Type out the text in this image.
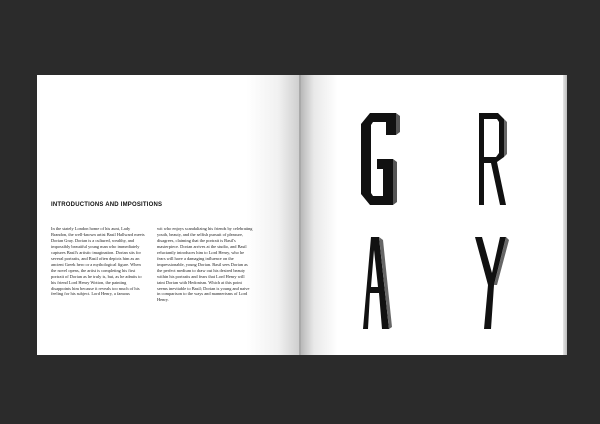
INTRODUCTIONS AND IMPOSITIONS
In the stately London home of his aunt, Lady Brandon, the well-known artist Basil Hallward meets Dorian Gray. Dorian is a cultured, wealthy, and impossibly beautiful young man who immediately captures Basil's artistic imagination. Dorian sits for several portraits, and Basil often depicts him as an ancient Greek hero or a mythological figure. When the novel opens, the artist is completing his first portrait of Dorian as he truly is, but, as he admits to his friend Lord Henry Wotton, the painting disappoints him because it reveals too much of his feeling for his subject. Lord Henry, a famous
wit who enjoys scandalizing his friends by celebrating youth, beauty, and the selfish pursuit of pleasure, disagrees, claiming that the portrait is Basil's masterpiece. Dorian arrives at the studio, and Basil reluctantly introduces him to Lord Henry, who he fears will have a damaging influence on the impressionable, young Dorian. Basil sees Dorian as the perfect medium to draw out his desired beauty within his portraits and fears that Lord Henry will taint Dorian with Hedonism. Which at this point seems inevitable to Basil; Dorian is young and naive in comparison to the ways and mannerisms of Lord Henry.
A
